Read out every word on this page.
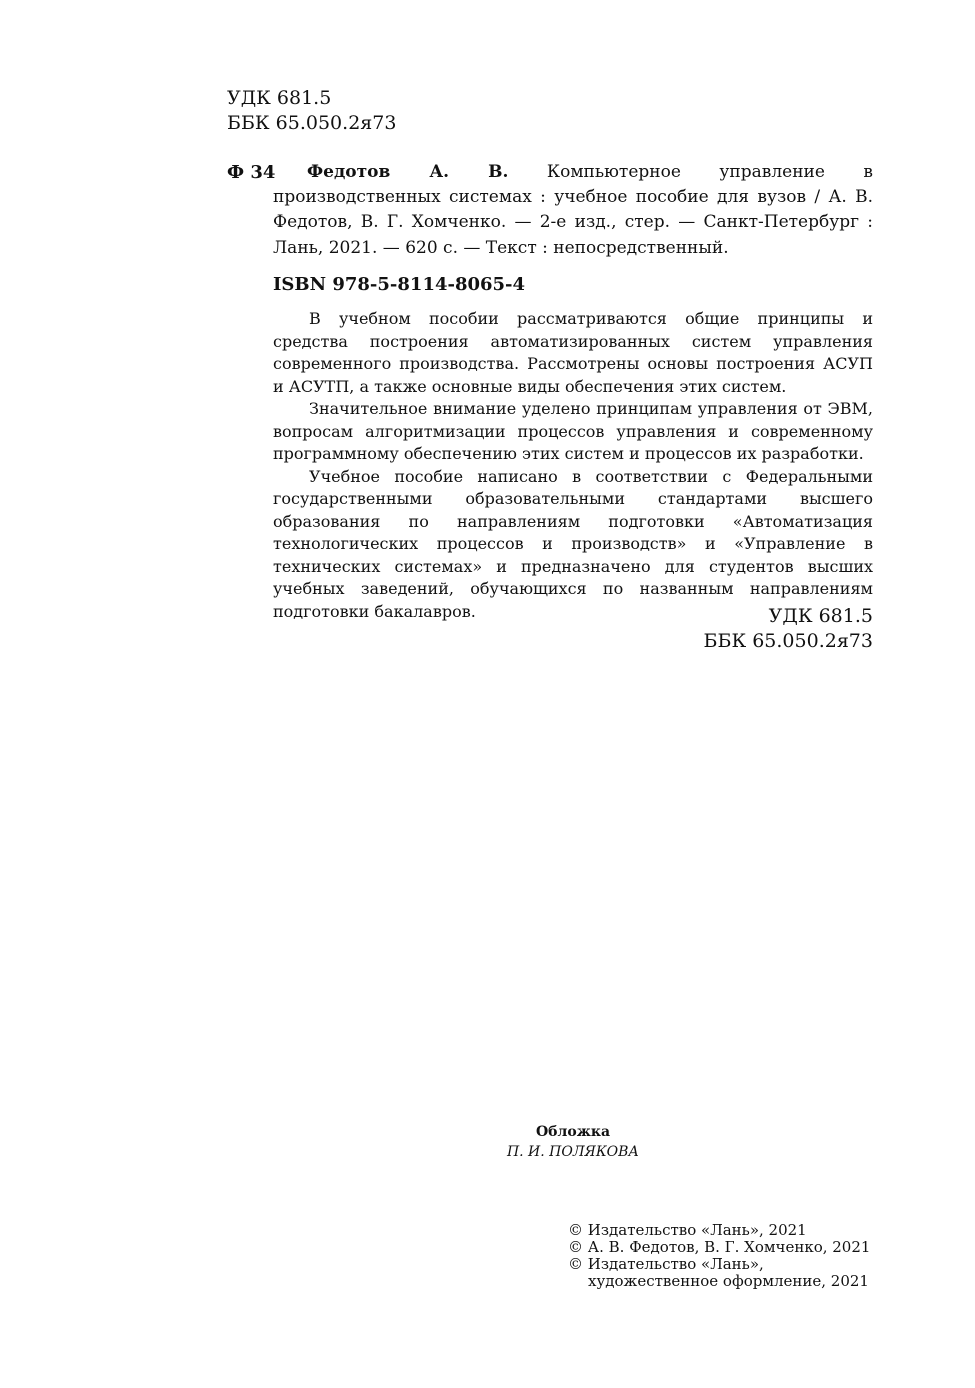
УДК 681.5
ББК 65.050.2я73
Ф 34	Федотов А. В. Компьютерное управление в производственных системах : учебное пособие для вузов / А. В. Федотов, В. Г. Хомченко. — 2-е изд., стер. — Санкт-Петербург : Лань, 2021. — 620 с. — Текст : непосредственный.
ISBN 978-5-8114-8065-4

В учебном пособии рассматриваются общие принципы и средства построения автоматизированных систем управления современного производства. Рассмотрены основы построения АСУП и АСУТП, а также основные виды обеспечения этих систем.

Значительное внимание уделено принципам управления от ЭВМ, вопросам алгоритмизации процессов управления и современному программному обеспечению этих систем и процессов их разработки.

Учебное пособие написано в соответствии с Федеральными государственными образовательными стандартами высшего образования по направлениям подготовки «Автоматизация технологических процессов и производств» и «Управление в технических системах» и предназначено для студентов высших учебных заведений, обучающихся по названным направлениям подготовки бакалавров.	УДК 681.5
ББК 65.050.2я73
Обложка
П. И. ПОЛЯКОВА
© Издательство «Лань», 2021
© А. В. Федотов, В. Г. Хомченко, 2021
© Издательство «Лань»,
художественное оформление, 2021
